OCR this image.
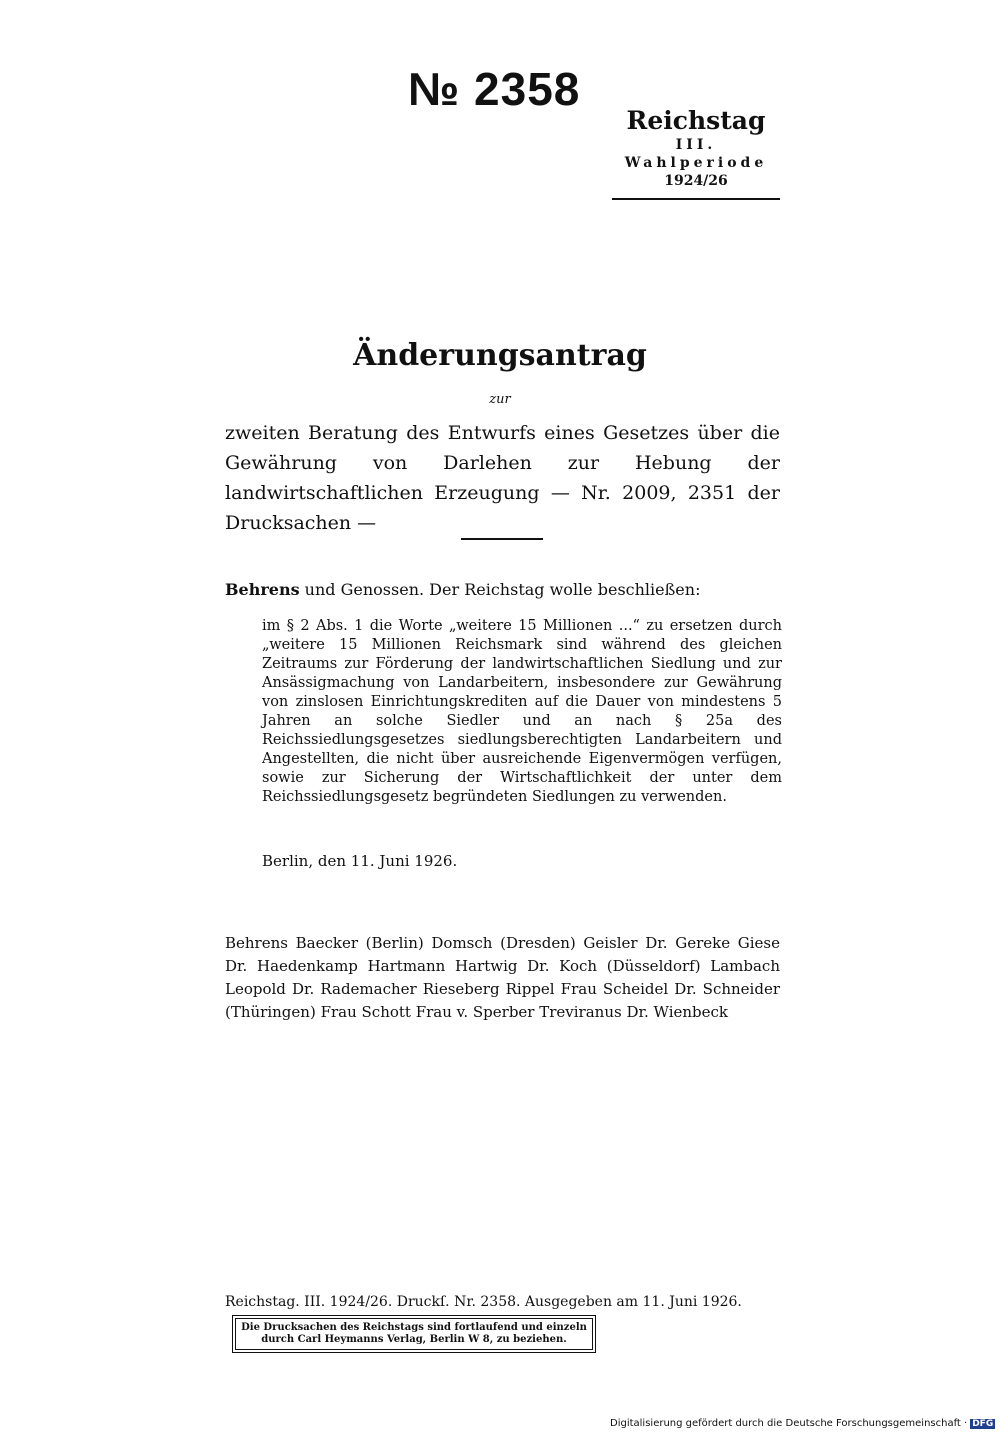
№ 2358
Reichstag
III. Wahlperiode
1924/26
Änderungsantrag
zur
zweiten Beratung des Entwurfs eines Gesetzes über die Gewährung von Darlehen zur Hebung der landwirtschaftlichen Erzeugung — Nr. 2009, 2351 der Drucksachen —
Behrens und Genossen. Der Reichstag wolle beschließen:
im § 2 Abs. 1 die Worte „weitere 15 Millionen ...“ zu ersetzen durch „weitere 15 Millionen Reichsmark sind während des gleichen Zeitraums zur Förderung der landwirtschaftlichen Siedlung und zur Ansässigmachung von Landarbeitern, insbesondere zur Gewährung von zinslosen Einrichtungskrediten auf die Dauer von mindestens 5 Jahren an solche Siedler und an nach § 25a des Reichssiedlungsgesetzes siedlungsberechtigten Landarbeitern und Angestellten, die nicht über ausreichende Eigenvermögen verfügen, sowie zur Sicherung der Wirtschaftlichkeit der unter dem Reichssiedlungsgesetz begründeten Siedlungen zu verwenden.
Berlin, den 11. Juni 1926.
Behrens Baecker (Berlin) Domsch (Dresden) Geisler Dr. Gereke Giese Dr. Haedenkamp Hartmann Hartwig Dr. Koch (Düsseldorf) Lambach Leopold Dr. Rademacher Rieseberg Rippel Frau Scheidel Dr. Schneider (Thüringen) Frau Schott Frau v. Sperber Treviranus Dr. Wienbeck
Reichstag. III. 1924/26. Druckſ. Nr. 2358. Ausgegeben am 11. Juni 1926.
Die Drucksachen des Reichstags sind fortlaufend und einzeln
durch Carl Heymanns Verlag, Berlin W 8, zu beziehen.
Digitalisierung gefördert durch die Deutsche Forschungsgemeinschaft · DFG
